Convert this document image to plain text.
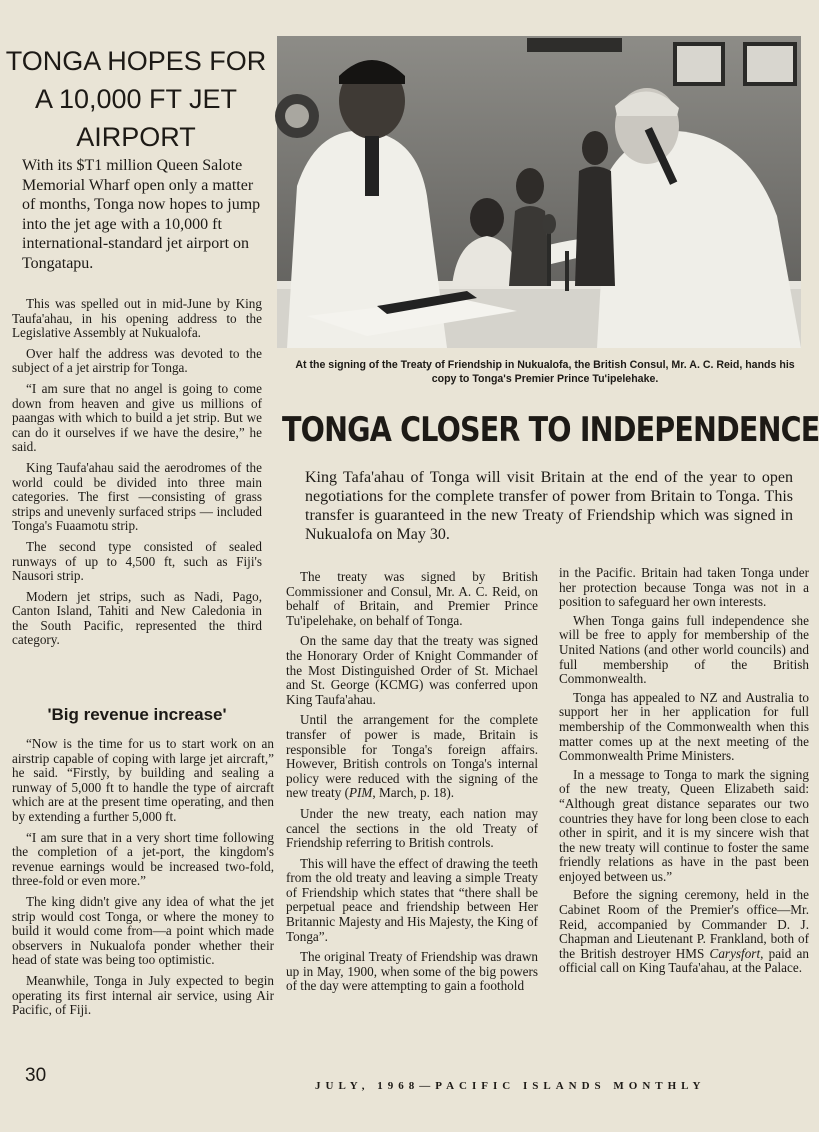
TONGA HOPES FOR
A 10,000 FT JET
AIRPORT
With its $T1 million Queen Salote Memorial Wharf open only a matter of months, Tonga now hopes to jump into the jet age with a 10,000 ft international-standard jet airport on Tongatapu.

This was spelled out in mid-June by King Taufa'ahau, in his opening address to the Legislative Assembly at Nukualofa.

Over half the address was devoted to the subject of a jet airstrip for Tonga.

“I am sure that no angel is going to come down from heaven and give us millions of paangas with which to build a jet strip. But we can do it ourselves if we have the desire,” he said.

King Taufa'ahau said the aerodromes of the world could be divided into three main categories. The first —consisting of grass strips and unevenly surfaced strips — included Tonga's Fuaamotu strip.

The second type consisted of sealed runways of up to 4,500 ft, such as Fiji's Nausori strip.

Modern jet strips, such as Nadi, Pago, Canton Island, Tahiti and New Caledonia in the South Pacific, represented the third category.

'Big revenue increase'

“Now is the time for us to start work on an airstrip capable of coping with large jet aircraft,” he said. “Firstly, by building and sealing a runway of 5,000 ft to handle the type of aircraft which are at the present time operating, and then by extending a further 5,000 ft.

“I am sure that in a very short time following the completion of a jet-port, the kingdom's revenue earnings would be increased two-fold, three-fold or even more.”

The king didn't give any idea of what the jet strip would cost Tonga, or where the money to build it would come from—a point which made observers in Nukualofa ponder whether their head of state was being too optimistic.

Meanwhile, Tonga in July expected to begin operating its first internal air service, using Air Pacific, of Fiji.

At the signing of the Treaty of Friendship in Nukualofa, the British Consul, Mr. A. C. Reid, hands his copy to Tonga's Premier Prince Tu'ipelehake.
TONGA CLOSER TO INDEPENDENCE
King Tafa'ahau of Tonga will visit Britain at the end of the year to open negotiations for the complete transfer of power from Britain to Tonga. This transfer is guaranteed in the new Treaty of Friendship which was signed in Nukualofa on May 30.

The treaty was signed by British Commissioner and Consul, Mr. A. C. Reid, on behalf of Britain, and Premier Prince Tu'ipelehake, on behalf of Tonga.

On the same day that the treaty was signed the Honorary Order of Knight Commander of the Most Distinguished Order of St. Michael and St. George (KCMG) was conferred upon King Taufa'ahau.

Until the arrangement for the complete transfer of power is made, Britain is responsible for Tonga's foreign affairs. However, British controls on Tonga's internal policy were reduced with the signing of the new treaty (PIM, March, p. 18).

Under the new treaty, each nation may cancel the sections in the old Treaty of Friendship referring to British controls.

This will have the effect of drawing the teeth from the old treaty and leaving a simple Treaty of Friendship which states that “there shall be perpetual peace and friendship between Her Britannic Majesty and His Majesty, the King of Tonga”.

The original Treaty of Friendship was drawn up in May, 1900, when some of the big powers of the day were attempting to gain a foothold

in the Pacific. Britain had taken Tonga under her protection because Tonga was not in a position to safeguard her own interests.

When Tonga gains full independence she will be free to apply for membership of the United Nations (and other world councils) and full membership of the British Commonwealth.

Tonga has appealed to NZ and Australia to support her in her application for full membership of the Commonwealth when this matter comes up at the next meeting of the Commonwealth Prime Ministers.

In a message to Tonga to mark the signing of the new treaty, Queen Elizabeth said: “Although great distance separates our two countries they have for long been close to each other in spirit, and it is my sincere wish that the new treaty will continue to foster the same friendly relations as have in the past been enjoyed between us.”

Before the signing ceremony, held in the Cabinet Room of the Premier's office—Mr. Reid, accompanied by Commander D. J. Chapman and Lieutenant P. Frankland, both of the British destroyer HMS Carysfort, paid an official call on King Taufa'ahau, at the Palace.

30	JULY, 1968—PACIFIC ISLANDS MONTHLY
